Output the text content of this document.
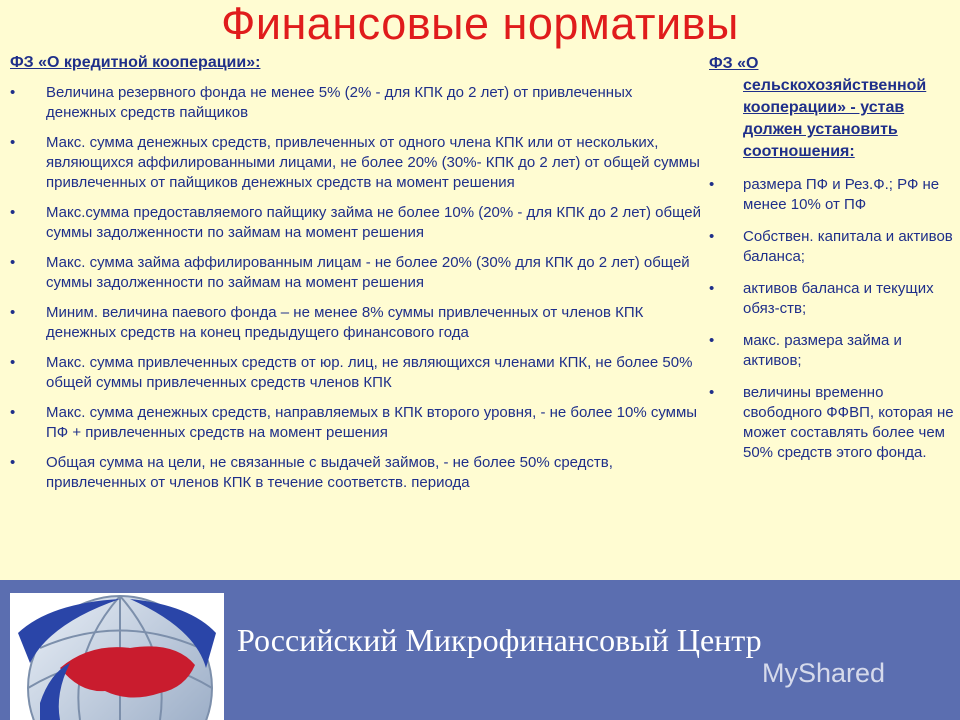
Финансовые нормативы

ФЗ «О кредитной кооперации»:

• Величина резервного фонда не менее 5% (2% - для КПК до 2 лет) от привлеченных денежных средств пайщиков
• Макс. сумма денежных средств, привлеченных от одного члена КПК или от нескольких, являющихся аффилированными лицами, не более 20% (30%- КПК до 2 лет) от общей суммы привлеченных от пайщиков денежных средств на момент решения
• Макс.сумма предоставляемого пайщику займа не более 10% (20% - для КПК до 2 лет) общей суммы задолженности по займам на момент решения
• Макс. сумма займа аффилированным лицам - не более 20% (30% для КПК до 2 лет) общей суммы задолженности по займам на момент решения
• Миним. величина паевого фонда – не менее 8% суммы привлеченных от членов КПК денежных средств на конец предыдущего финансового года
• Макс. сумма привлеченных средств от юр. лиц, не являющихся членами КПК, не более 50% общей суммы привлеченных средств членов КПК
• Макс. сумма денежных средств, направляемых в КПК второго уровня, - не более 10% суммы ПФ + привлеченных средств на момент решения
• Общая сумма на цели, не связанные с выдачей займов, - не более 50% средств, привлеченных от членов КПК в течение соответств. периода

ФЗ «О
сельскохозяйственной кооперации» - устав должен установить соотношения:

• размера ПФ и Рез.Ф.; РФ не менее 10% от ПФ
• Собствен. капитала и активов баланса;
• активов баланса и текущих обяз-ств;
• макс. размера займа и активов;
• величины временно свободного ФФВП, которая не может составлять более чем 50% средств этого фонда.
Российский Микрофинансовый Центр
MyShared
